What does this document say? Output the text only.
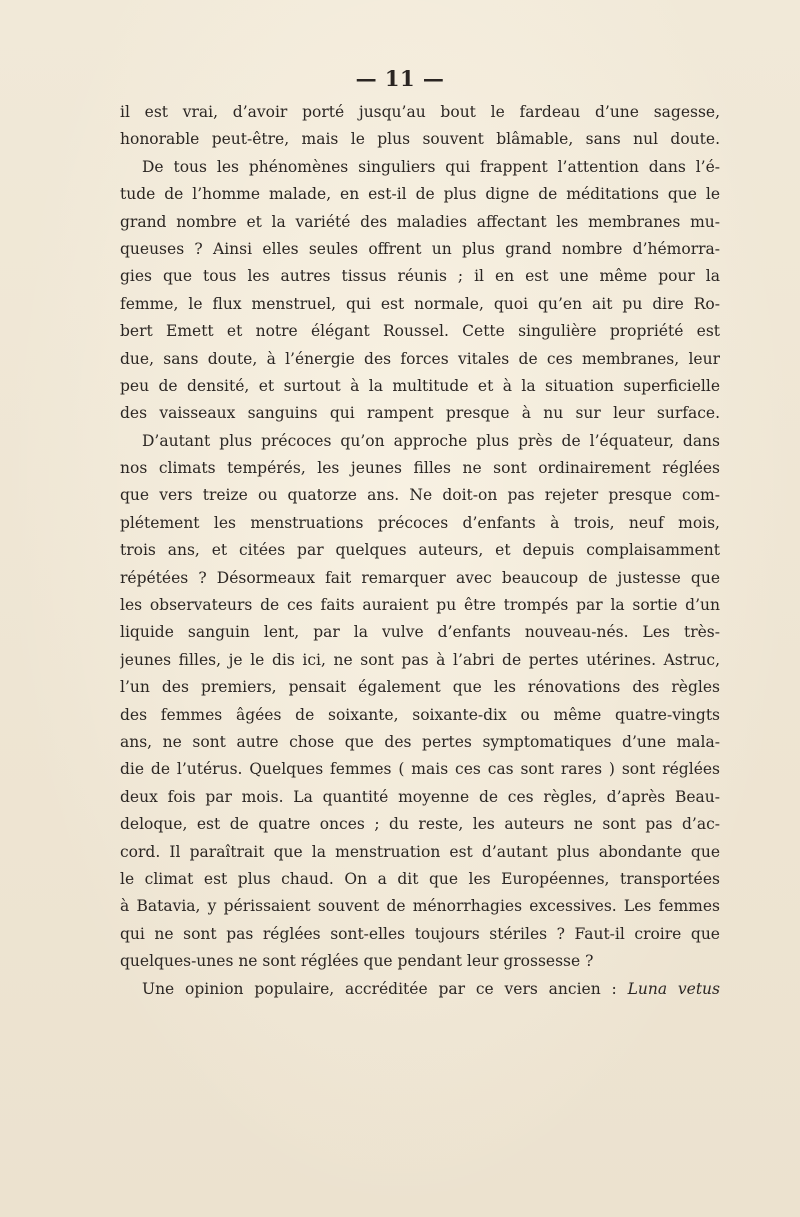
— 11 —
il est vrai, d’avoir porté jusqu’au bout le fardeau d’une sagesse,
honorable peut-être, mais le plus souvent blâmable, sans nul doute.
De tous les phénomènes singuliers qui frappent l’attention dans l’é-
tude de l’homme malade, en est-il de plus digne de méditations que le
grand nombre et la variété des maladies affectant les membranes mu-
queuses ? Ainsi elles seules offrent un plus grand nombre d’hémorra-
gies que tous les autres tissus réunis ; il en est une même pour la
femme, le flux menstruel, qui est normale, quoi qu’en ait pu dire Ro-
bert Emett et notre élégant Roussel. Cette singulière propriété est
due, sans doute, à l’énergie des forces vitales de ces membranes, leur
peu de densité, et surtout à la multitude et à la situation superficielle
des vaisseaux sanguins qui rampent presque à nu sur leur surface.
D’autant plus précoces qu’on approche plus près de l’équateur, dans
nos climats tempérés, les jeunes filles ne sont ordinairement réglées
que vers treize ou quatorze ans. Ne doit-on pas rejeter presque com-
plétement les menstruations précoces d’enfants à trois, neuf mois,
trois ans, et citées par quelques auteurs, et depuis complaisamment
répétées ? Désormeaux fait remarquer avec beaucoup de justesse que
les observateurs de ces faits auraient pu être trompés par la sortie d’un
liquide sanguin lent, par la vulve d’enfants nouveau-nés. Les très-
jeunes filles, je le dis ici, ne sont pas à l’abri de pertes utérines. Astruc,
l’un des premiers, pensait également que les rénovations des règles
des femmes âgées de soixante, soixante-dix ou même quatre-vingts
ans, ne sont autre chose que des pertes symptomatiques d’une mala-
die de l’utérus. Quelques femmes ( mais ces cas sont rares ) sont réglées
deux fois par mois. La quantité moyenne de ces règles, d’après Beau-
deloque, est de quatre onces ; du reste, les auteurs ne sont pas d’ac-
cord. Il paraîtrait que la menstruation est d’autant plus abondante que
le climat est plus chaud. On a dit que les Européennes, transportées
à Batavia, y périssaient souvent de ménorrhagies excessives. Les femmes
qui ne sont pas réglées sont-elles toujours stériles ? Faut-il croire que
quelques-unes ne sont réglées que pendant leur grossesse ?
Une opinion populaire, accréditée par ce vers ancien : Luna vetus
